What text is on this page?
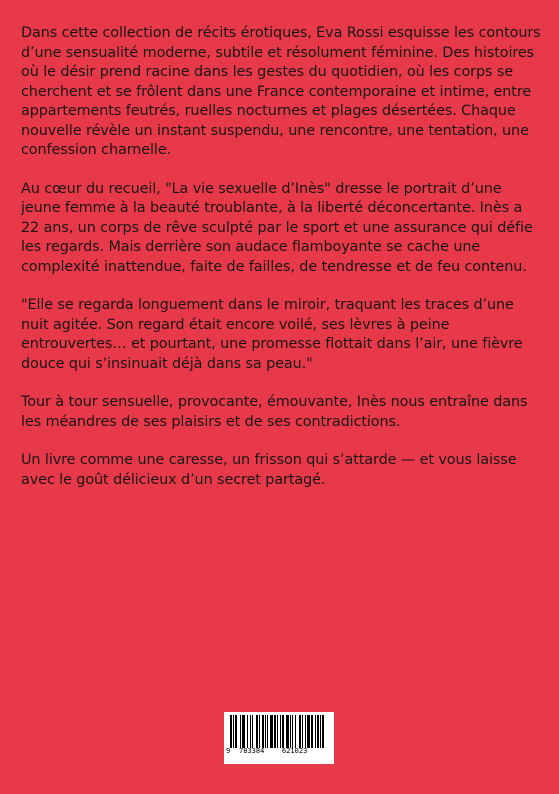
Dans cette collection de récits érotiques, Eva Rossi esquisse les contours d’une sensualité moderne, subtile et résolument féminine. Des histoires où le désir prend racine dans les gestes du quotidien, où les corps se cherchent et se frôlent dans une France contemporaine et intime, entre appartements feutrés, ruelles nocturnes et plages désertées. Chaque nouvelle révèle un instant suspendu, une rencontre, une tentation, une confession charnelle.

Au cœur du recueil, "La vie sexuelle d’Inès" dresse le portrait d’une jeune femme à la beauté troublante, à la liberté déconcertante. Inès a 22 ans, un corps de rêve sculpté par le sport et une assurance qui défie les regards. Mais derrière son audace flamboyante se cache une complexité inattendue, faite de failles, de tendresse et de feu contenu.

"Elle se regarda longuement dans le miroir, traquant les traces d’une nuit agitée. Son regard était encore voilé, ses lèvres à peine entrouvertes… et pourtant, une promesse flottait dans l’air, une fièvre douce qui s’insinuait déjà dans sa peau."

Tour à tour sensuelle, provocante, émouvante, Inès nous entraîne dans les méandres de ses plaisirs et de ses contradictions.

Un livre comme une caresse, un frisson qui s’attarde — et vous laisse avec le goût délicieux d’un secret partagé.

9 783384	621023
